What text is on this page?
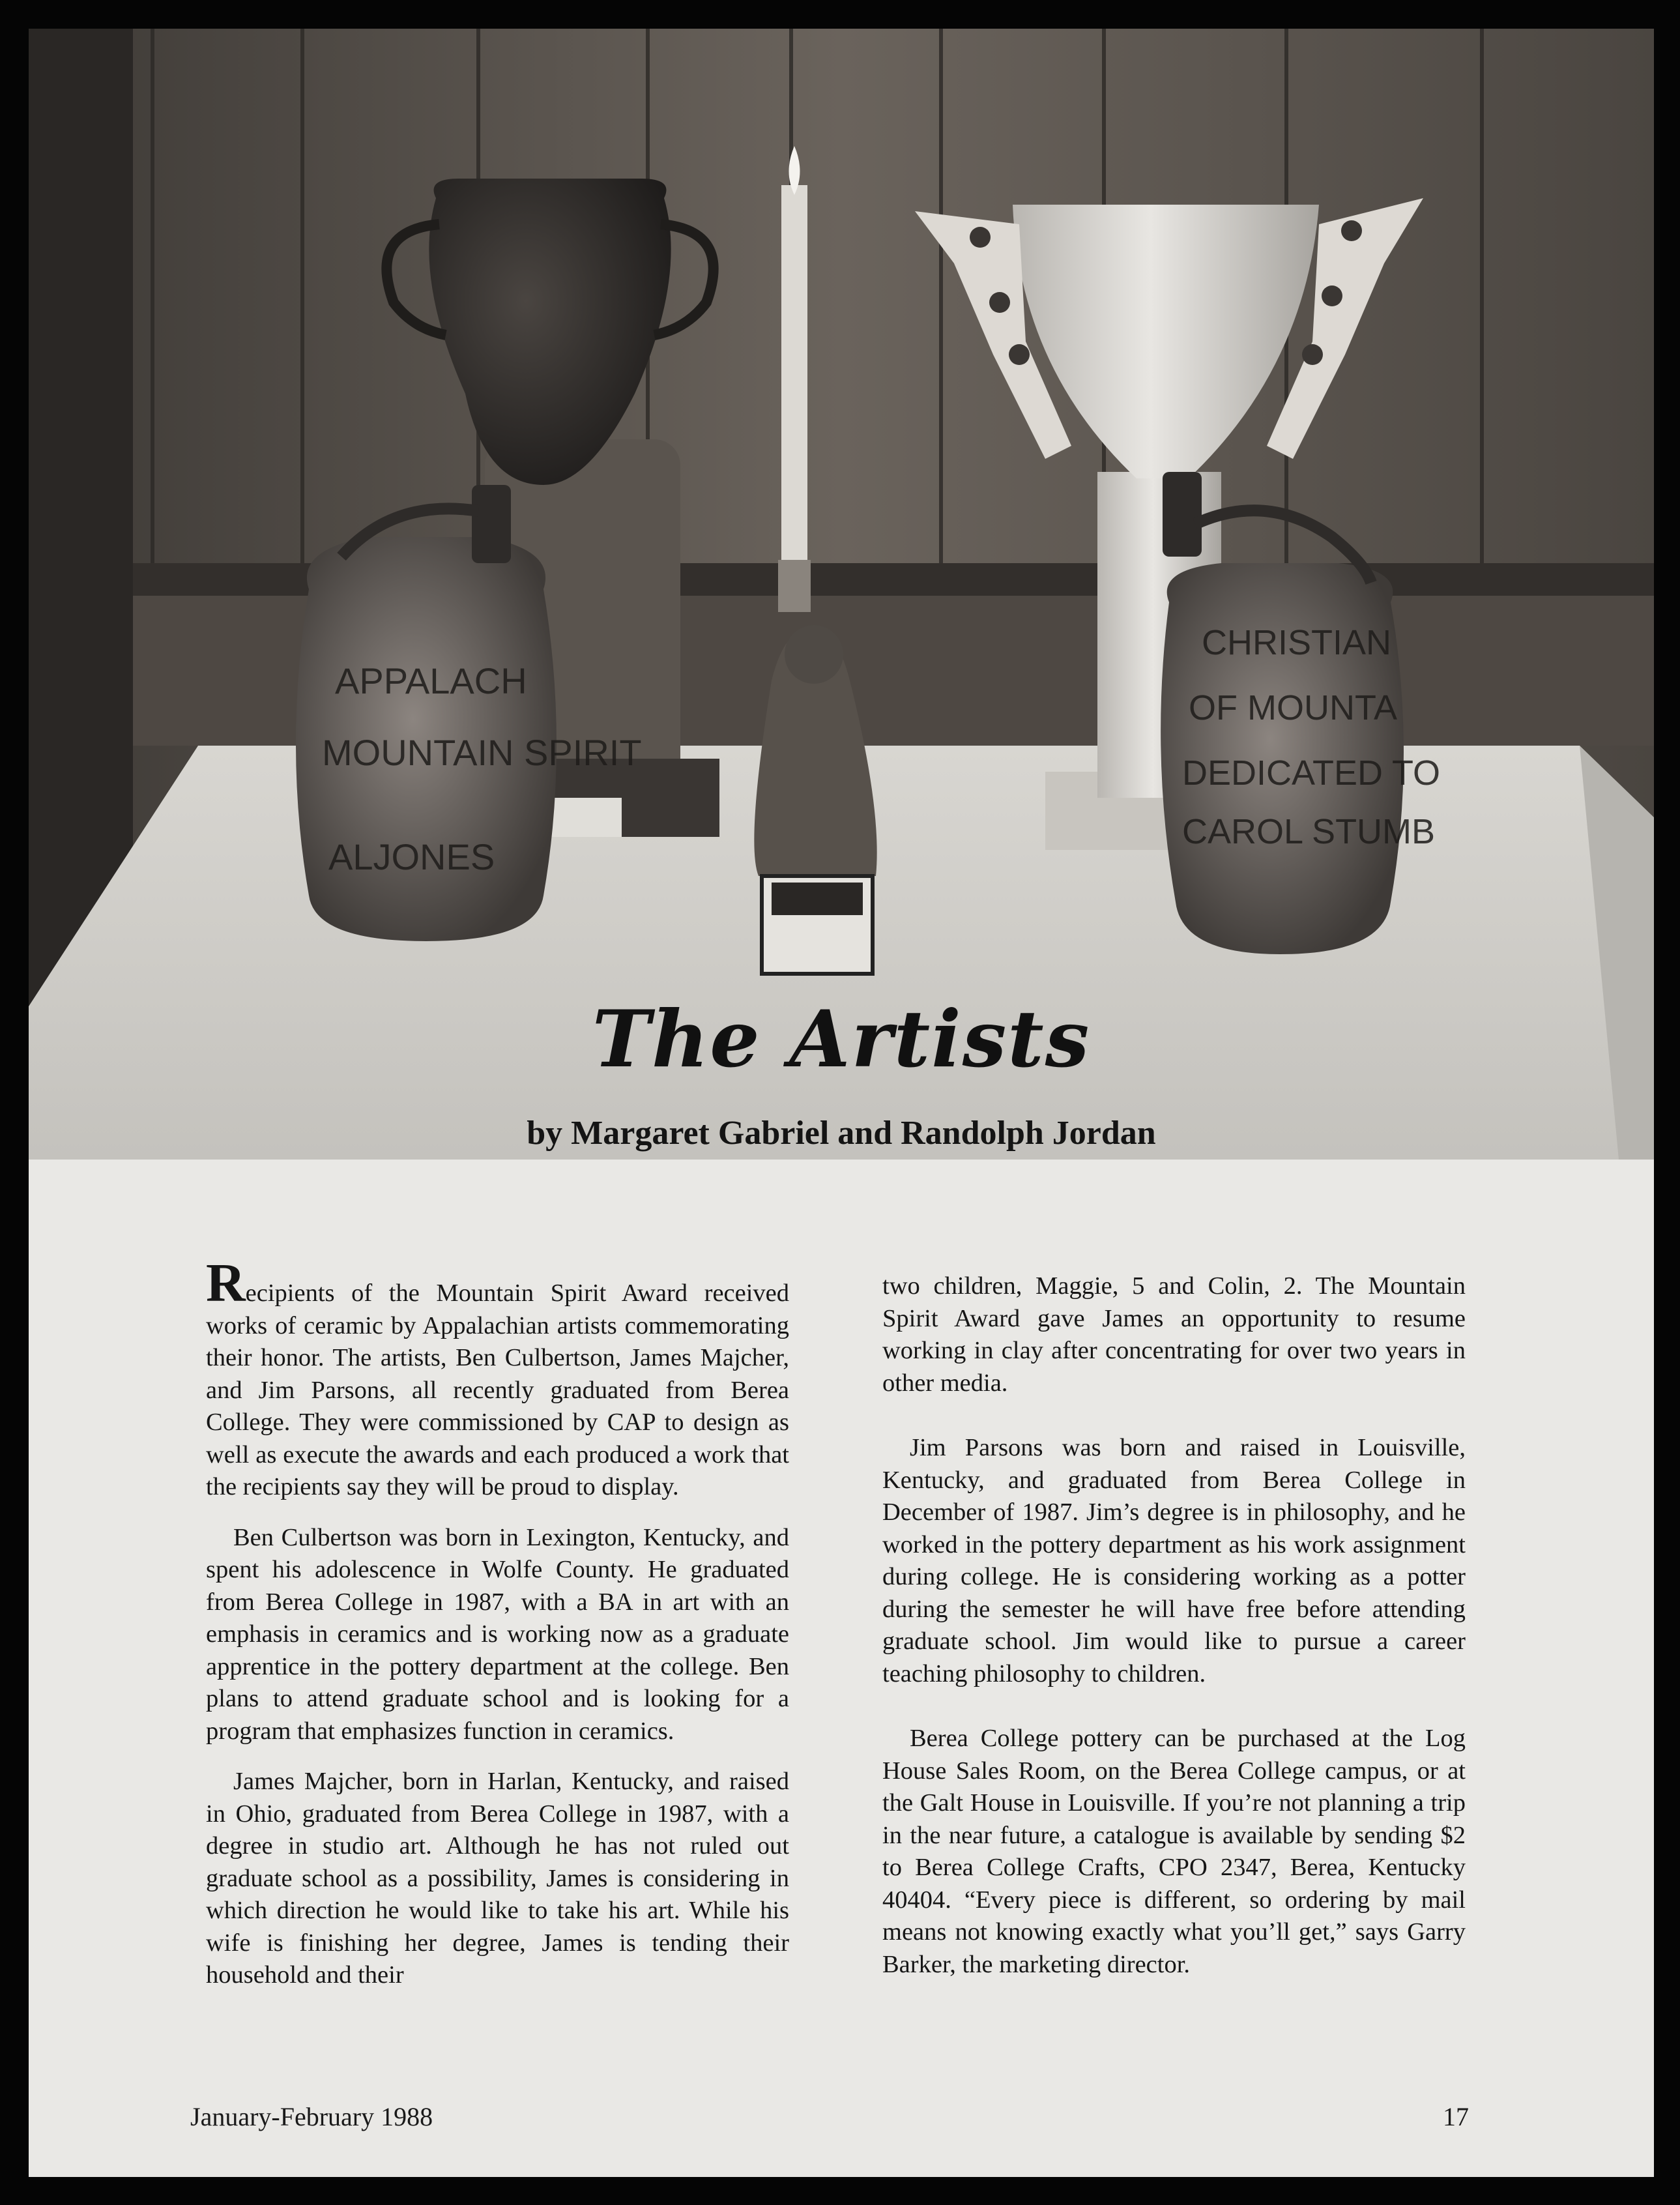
APPALACH
MOUNTAIN SPIRIT
ALJONES
CHRISTIAN
OF MOUNTA
DEDICATED TO
CAROL STUMB
The Artists
by Margaret Gabriel and Randolph Jordan

Recipients of the Mountain Spirit Award received works of ceramic by Appalachian artists commemorating their honor. The artists, Ben Culbertson, James Majcher, and Jim Parsons, all recently graduated from Berea College. They were commissioned by CAP to design as well as execute the awards and each produced a work that the recipients say they will be proud to display.

Ben Culbertson was born in Lexington, Kentucky, and spent his adolescence in Wolfe County. He graduated from Berea College in 1987, with a BA in art with an emphasis in ceramics and is working now as a graduate apprentice in the pottery department at the college. Ben plans to attend graduate school and is looking for a program that emphasizes function in ceramics.

James Majcher, born in Harlan, Kentucky, and raised in Ohio, graduated from Berea College in 1987, with a degree in studio art. Although he has not ruled out graduate school as a possibility, James is considering in which direction he would like to take his art. While his wife is finishing her degree, James is tending their household and their

two children, Maggie, 5 and Colin, 2. The Mountain Spirit Award gave James an opportunity to resume working in clay after concentrating for over two years in other media.

Jim Parsons was born and raised in Louisville, Kentucky, and graduated from Berea College in December of 1987. Jim’s degree is in philosophy, and he worked in the pottery department as his work assignment during college. He is considering working as a potter during the semester he will have free before attending graduate school. Jim would like to pursue a career teaching philosophy to children.

Berea College pottery can be purchased at the Log House Sales Room, on the Berea College campus, or at the Galt House in Louisville. If you’re not planning a trip in the near future, a catalogue is available by sending $2 to Berea College Crafts, CPO 2347, Berea, Kentucky 40404. “Every piece is different, so ordering by mail means not knowing exactly what you’ll get,” says Garry Barker, the marketing director.

January-February 1988	17
